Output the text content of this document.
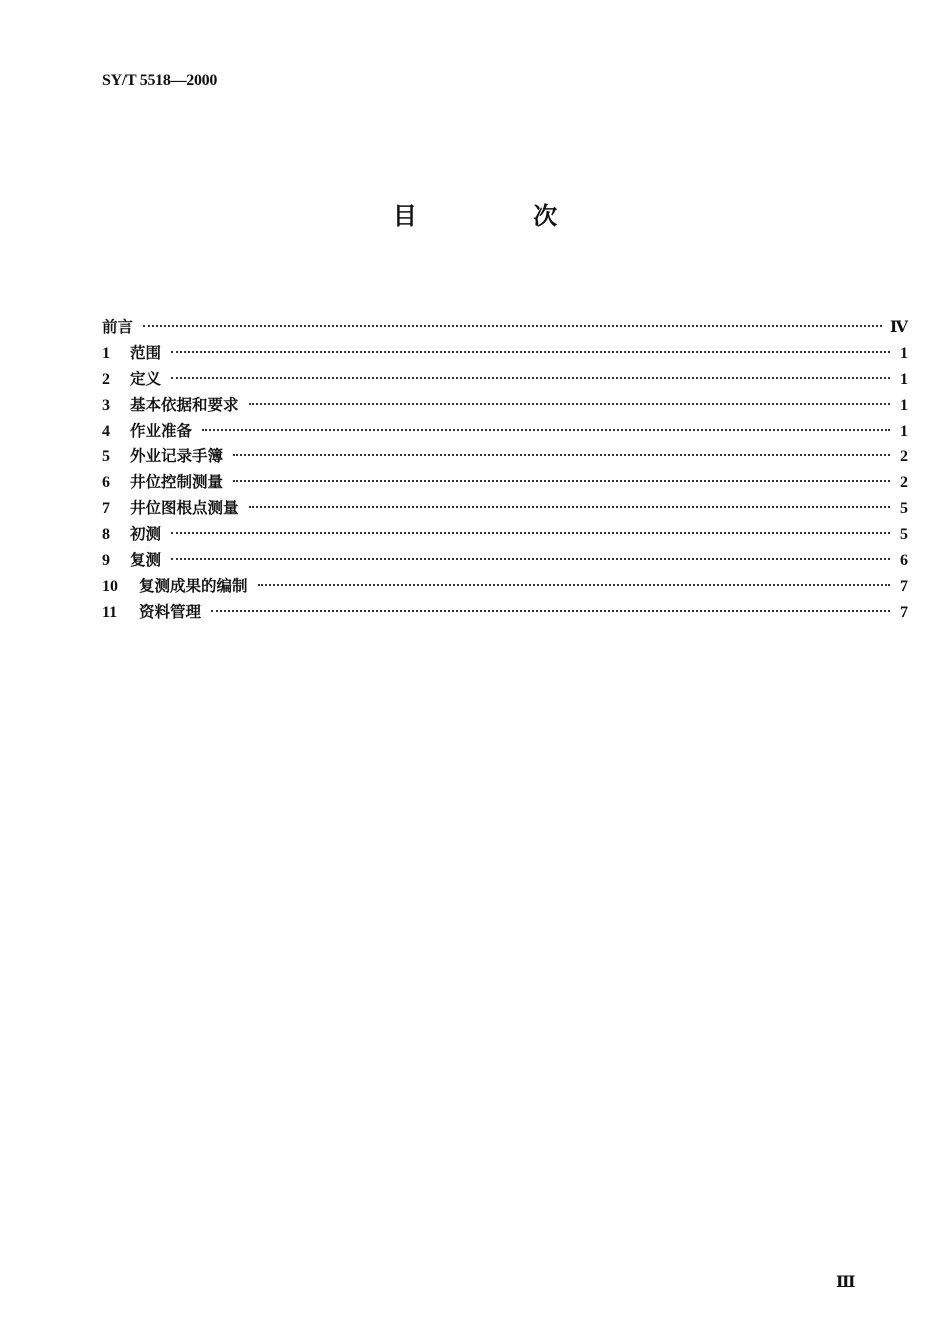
SY/T 5518—2000
目 次
前言	Ⅳ
1	范围	1
2	定义	1
3	基本依据和要求	1
4	作业准备	1
5	外业记录手簿	2
6	井位控制测量	2
7	井位图根点测量	5
8	初测	5
9	复测	6
10	复测成果的编制	7
11	资料管理	7
Ⅲ
